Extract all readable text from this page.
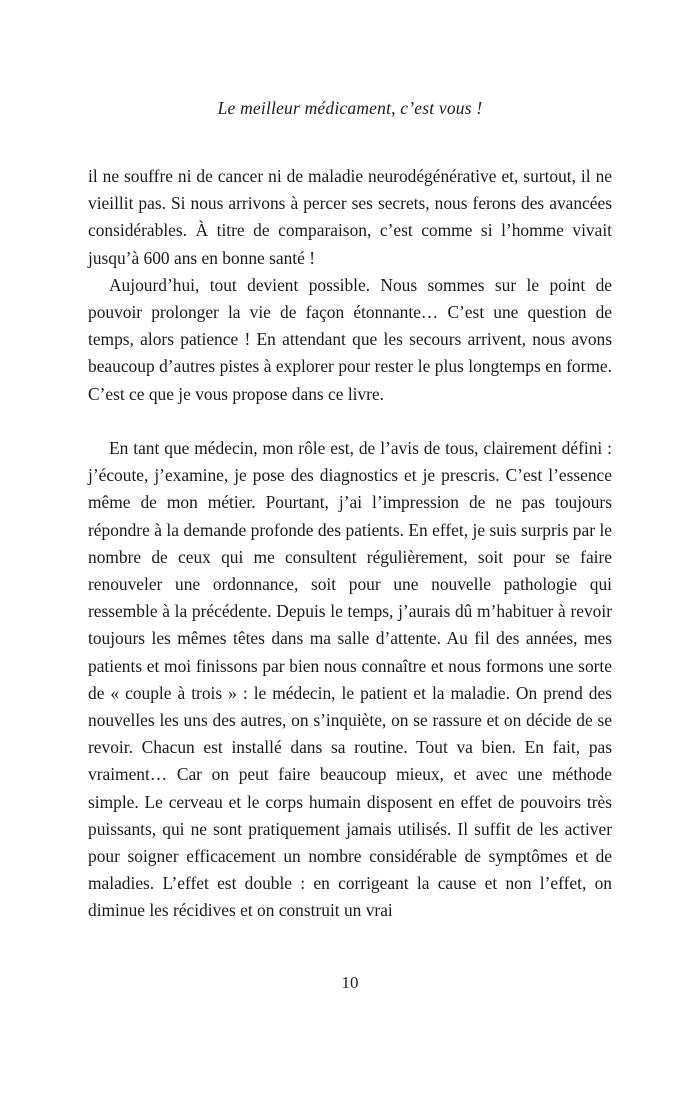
Le meilleur médicament, c’est vous !

il ne souffre ni de cancer ni de maladie neurodégénérative et, surtout, il ne vieillit pas. Si nous arrivons à percer ses secrets, nous ferons des avancées considérables. À titre de comparaison, c’est comme si l’homme vivait jusqu’à 600 ans en bonne santé !

Aujourd’hui, tout devient possible. Nous sommes sur le point de pouvoir prolonger la vie de façon étonnante… C’est une question de temps, alors patience ! En attendant que les secours arrivent, nous avons beaucoup d’autres pistes à explorer pour rester le plus longtemps en forme. C’est ce que je vous propose dans ce livre.

En tant que médecin, mon rôle est, de l’avis de tous, clairement défini : j’écoute, j’examine, je pose des diagnostics et je prescris. C’est l’essence même de mon métier. Pourtant, j’ai l’impression de ne pas toujours répondre à la demande profonde des patients. En effet, je suis surpris par le nombre de ceux qui me consultent régulièrement, soit pour se faire renouveler une ordonnance, soit pour une nouvelle pathologie qui ressemble à la précédente. Depuis le temps, j’aurais dû m’habituer à revoir toujours les mêmes têtes dans ma salle d’attente. Au fil des années, mes patients et moi finissons par bien nous connaître et nous formons une sorte de « couple à trois » : le médecin, le patient et la maladie. On prend des nouvelles les uns des autres, on s’inquiète, on se rassure et on décide de se revoir. Chacun est installé dans sa routine. Tout va bien. En fait, pas vraiment… Car on peut faire beaucoup mieux, et avec une méthode simple. Le cerveau et le corps humain disposent en effet de pouvoirs très puissants, qui ne sont pratiquement jamais utilisés. Il suffit de les activer pour soigner efficacement un nombre considérable de symptômes et de maladies. L’effet est double : en corrigeant la cause et non l’effet, on diminue les récidives et on construit un vrai

10
